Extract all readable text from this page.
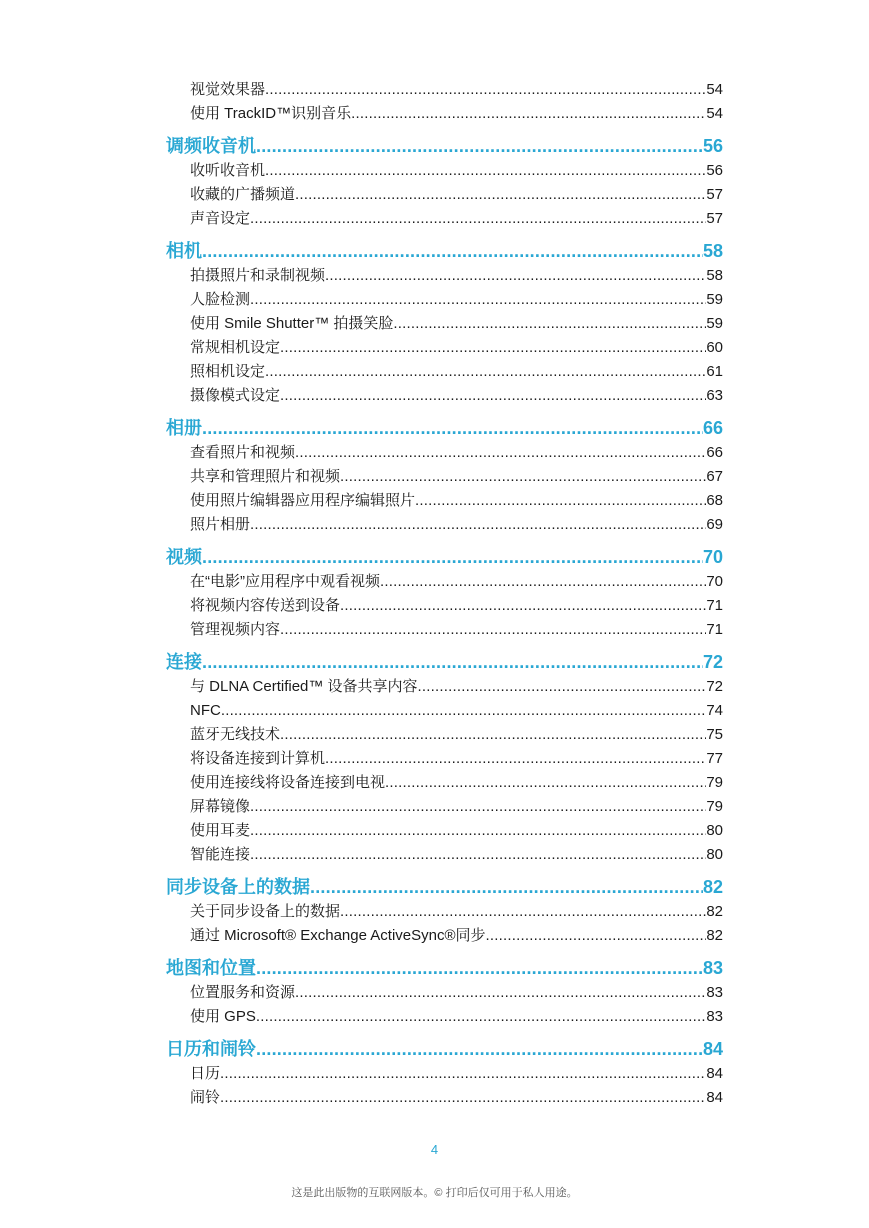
视觉效果器 .....	54
使用 TrackID™识别音乐 .....	54
调频收音机 .....	56
收听收音机 .....	56
收藏的广播频道 .....	57
声音设定 .....	57
相机 .....	58
拍摄照片和录制视频 .....	58
人脸检测 .....	59
使用 Smile Shutter™ 拍摄笑脸 .....	59
常规相机设定 .....	60
照相机设定 .....	61
摄像模式设定 .....	63
相册 .....	66
查看照片和视频 .....	66
共享和管理照片和视频 .....	67
使用照片编辑器应用程序编辑照片 .....	68
照片相册 .....	69
视频 .....	70
在“电影”应用程序中观看视频 .....	70
将视频内容传送到设备 .....	71
管理视频内容 .....	71
连接 .....	72
与 DLNA Certified™ 设备共享内容 .....	72
NFC .....	74
蓝牙无线技术 .....	75
将设备连接到计算机 .....	77
使用连接线将设备连接到电视 .....	79
屏幕镜像 .....	79
使用耳麦 .....	80
智能连接 .....	80
同步设备上的数据 .....	82
关于同步设备上的数据 .....	82
通过 Microsoft® Exchange ActiveSync®同步 .....	82
地图和位置 .....	83
位置服务和资源 .....	83
使用 GPS .....	83
日历和闹铃 .....	84
日历 .....	84
闹铃 .....	84
4
这是此出版物的互联网版本。© 打印后仅可用于私人用途。
